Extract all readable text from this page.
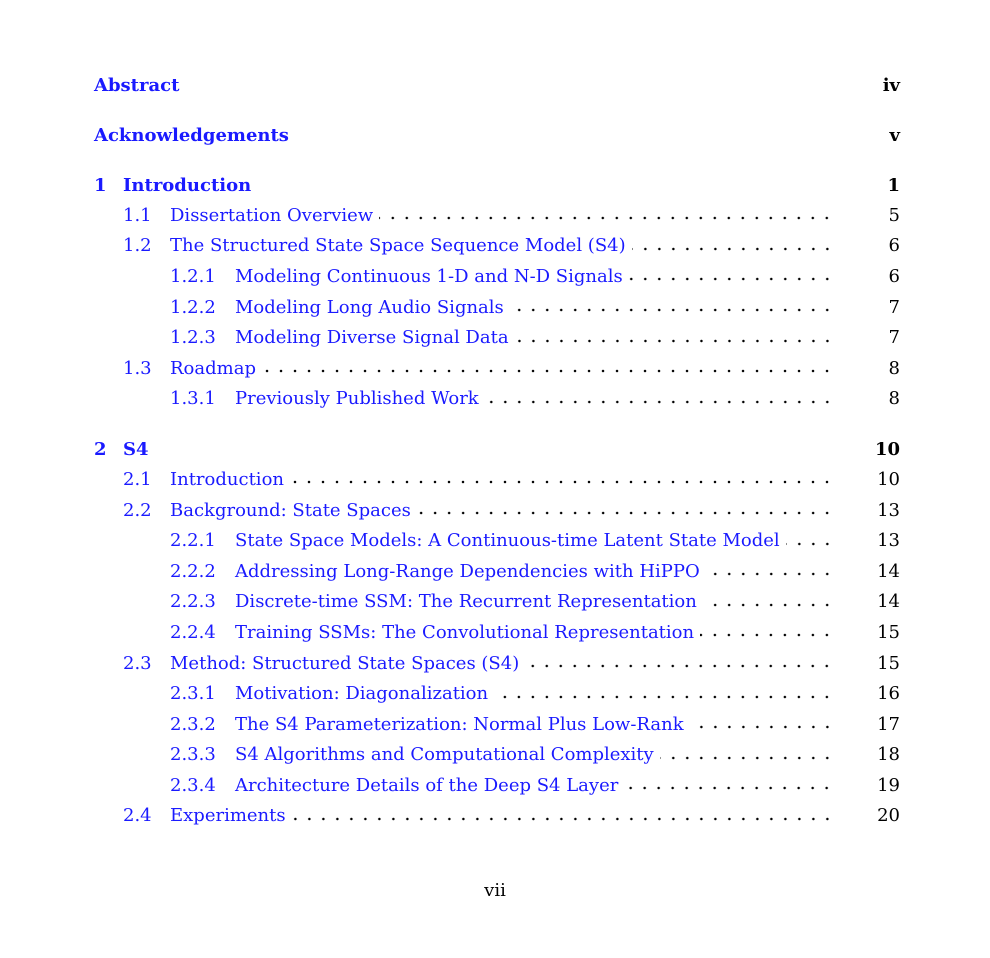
Abstract	iv
Acknowledgements	v
1 Introduction	1
1.1	Dissertation Overview	5
1.2	The Structured State Space Sequence Model (S4)	6
1.2.1	Modeling Continuous 1-D and N-D Signals	6
1.2.2	Modeling Long Audio Signals	7
1.2.3	Modeling Diverse Signal Data	7
1.3	Roadmap	8
1.3.1	Previously Published Work	8
2 S4	10
2.1	Introduction	10
2.2	Background: State Spaces	13
2.2.1	State Space Models: A Continuous-time Latent State Model	13
2.2.2	Addressing Long-Range Dependencies with HiPPO	14
2.2.3	Discrete-time SSM: The Recurrent Representation	14
2.2.4	Training SSMs: The Convolutional Representation	15
2.3	Method: Structured State Spaces (S4)	15
2.3.1	Motivation: Diagonalization	16
2.3.2	The S4 Parameterization: Normal Plus Low-Rank	17
2.3.3	S4 Algorithms and Computational Complexity	18
2.3.4	Architecture Details of the Deep S4 Layer	19
2.4	Experiments	20
vii
